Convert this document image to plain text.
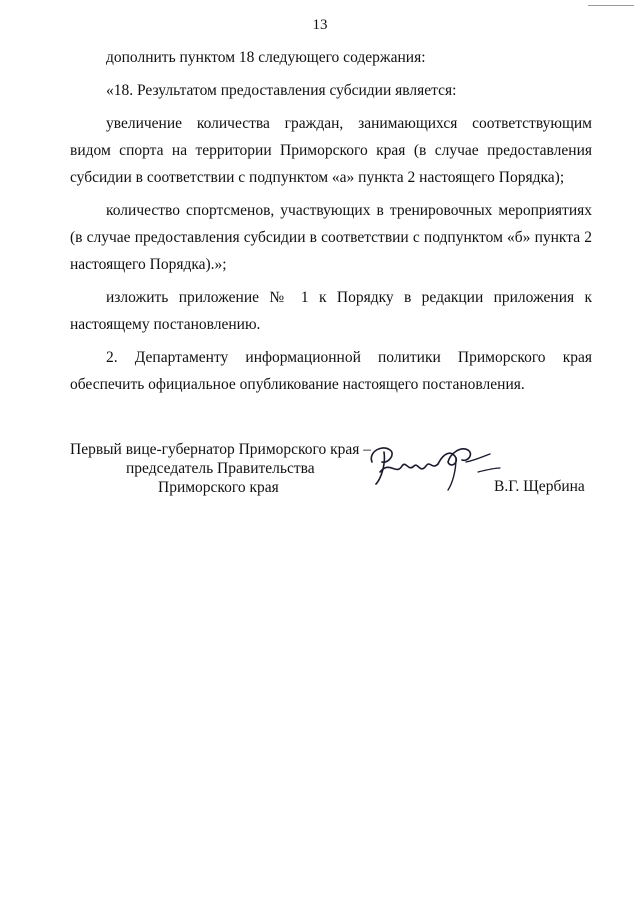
13

дополнить пунктом 18 следующего содержания:

«18. Результатом предоставления субсидии является:

увеличение количества граждан, занимающихся соответствующим видом спорта на территории Приморского края (в случае предоставления субсидии в соответствии с подпунктом «а» пункта 2 настоящего Порядка);

количество спортсменов, участвующих в тренировочных мероприятиях (в случае предоставления субсидии в соответствии с подпунктом «б» пункта 2 настоящего Порядка).»;

изложить приложение № 1 к Порядку в редакции приложения к настоящему постановлению.

2. Департаменту информационной политики Приморского края обеспечить официальное опубликование настоящего постановления.

Первый вице-губернатор Приморского края –
председатель Правительства
Приморского края	В.Г. Щербина
